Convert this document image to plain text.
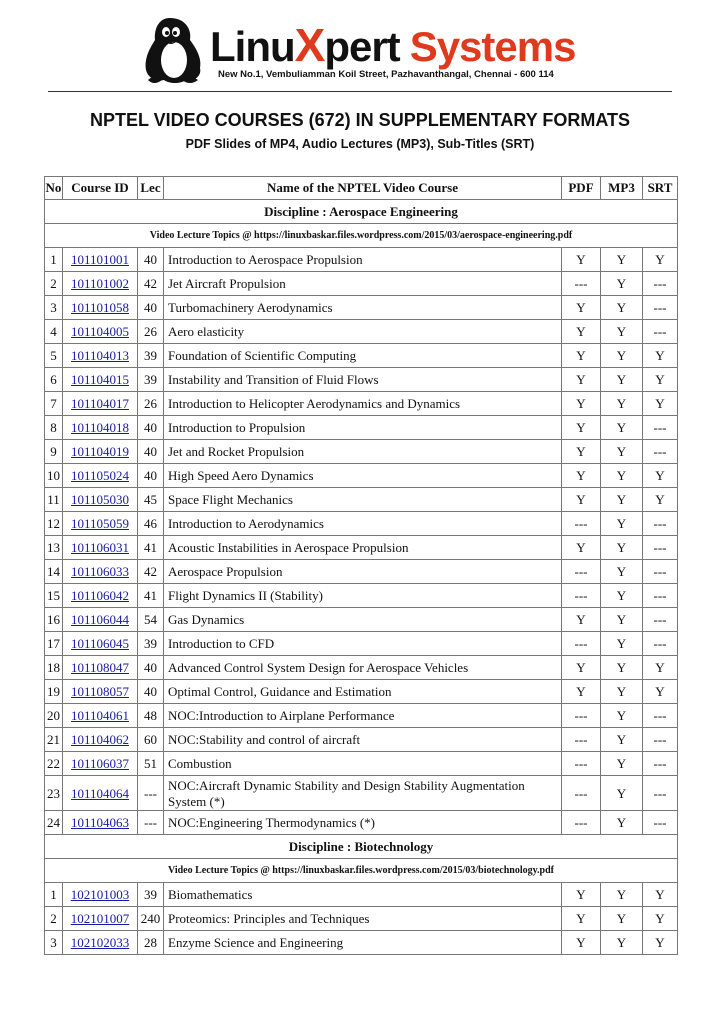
LinuXpert Systems
New No.1, Vembuliamman Koil Street, Pazhavanthangal, Chennai - 600 114
NPTEL VIDEO COURSES (672) IN SUPPLEMENTARY FORMATS
PDF Slides of MP4, Audio Lectures (MP3), Sub-Titles (SRT)
No	Course ID	Lec	Name of the NPTEL Video Course	PDF	MP3	SRT
Discipline : Aerospace Engineering						
Video Lecture Topics @ https://linuxbaskar.files.wordpress.com/2015/03/aerospace-engineering.pdf						
1	101101001	40	Introduction to Aerospace Propulsion	Y	Y	Y
2	101101002	42	Jet Aircraft Propulsion	---	Y	---
3	101101058	40	Turbomachinery Aerodynamics	Y	Y	---
4	101104005	26	Aero elasticity	Y	Y	---
5	101104013	39	Foundation of Scientific Computing	Y	Y	Y
6	101104015	39	Instability and Transition of Fluid Flows	Y	Y	Y
7	101104017	26	Introduction to Helicopter Aerodynamics and Dynamics	Y	Y	Y
8	101104018	40	Introduction to Propulsion	Y	Y	---
9	101104019	40	Jet and Rocket Propulsion	Y	Y	---
10	101105024	40	High Speed Aero Dynamics	Y	Y	Y
11	101105030	45	Space Flight Mechanics	Y	Y	Y
12	101105059	46	Introduction to Aerodynamics	---	Y	---
13	101106031	41	Acoustic Instabilities in Aerospace Propulsion	Y	Y	---
14	101106033	42	Aerospace Propulsion	---	Y	---
15	101106042	41	Flight Dynamics II (Stability)	---	Y	---
16	101106044	54	Gas Dynamics	Y	Y	---
17	101106045	39	Introduction to CFD	---	Y	---
18	101108047	40	Advanced Control System Design for Aerospace Vehicles	Y	Y	Y
19	101108057	40	Optimal Control, Guidance and Estimation	Y	Y	Y
20	101104061	48	NOC:Introduction to Airplane Performance	---	Y	---
21	101104062	60	NOC:Stability and control of aircraft	---	Y	---
22	101106037	51	Combustion	---	Y	---
23	101104064	---	NOC:Aircraft Dynamic Stability and Design Stability Augmentation System (*)	---	Y	---
24	101104063	---	NOC:Engineering Thermodynamics (*)	---	Y	---
Discipline : Biotechnology						
Video Lecture Topics @ https://linuxbaskar.files.wordpress.com/2015/03/biotechnology.pdf						
1	102101003	39	Biomathematics	Y	Y	Y
2	102101007	240	Proteomics: Principles and Techniques	Y	Y	Y
3	102102033	28	Enzyme Science and Engineering	Y	Y	Y
